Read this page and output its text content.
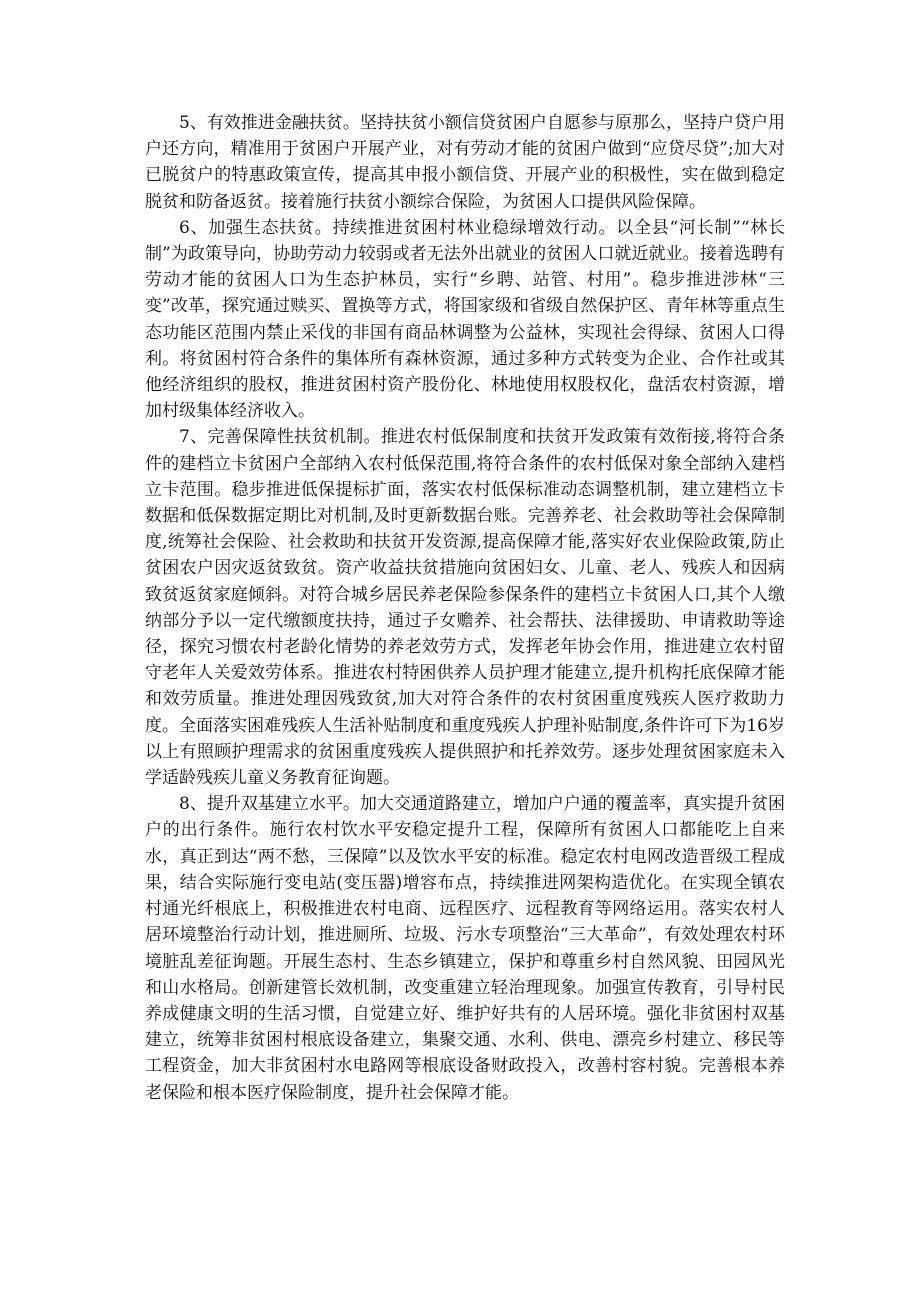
5、有效推进金融扶贫。坚持扶贫小额信贷贫困户自愿参与原那么，坚持户贷户用户还方向，精准用于贫困户开展产业，对有劳动才能的贫困户做到“应贷尽贷”;加大对已脱贫户的特惠政策宣传，提高其申报小额信贷、开展产业的积极性，实在做到稳定脱贫和防备返贫。接着施行扶贫小额综合保险，为贫困人口提供风险保障。

6、加强生态扶贫。持续推进贫困村林业稳绿增效行动。以全县“河长制”“林长制”为政策导向，协助劳动力较弱或者无法外出就业的贫困人口就近就业。接着选聘有劳动才能的贫困人口为生态护林员，实行“乡聘、站管、村用”。稳步推进涉林“三变”改革，探究通过赎买、置换等方式，将国家级和省级自然保护区、青年林等重点生态功能区范围内禁止采伐的非国有商品林调整为公益林，实现社会得绿、贫困人口得利。将贫困村符合条件的集体所有森林资源，通过多种方式转变为企业、合作社或其他经济组织的股权，推进贫困村资产股份化、林地使用权股权化，盘活农村资源，增加村级集体经济收入。

7、完善保障性扶贫机制。推进农村低保制度和扶贫开发政策有效衔接,将符合条件的建档立卡贫困户全部纳入农村低保范围,将符合条件的农村低保对象全部纳入建档立卡范围。稳步推进低保提标扩面，落实农村低保标准动态调整机制，建立建档立卡数据和低保数据定期比对机制,及时更新数据台账。完善养老、社会救助等社会保障制度,统筹社会保险、社会救助和扶贫开发资源,提高保障才能,落实好农业保险政策,防止贫困农户因灾返贫致贫。资产收益扶贫措施向贫困妇女、儿童、老人、残疾人和因病致贫返贫家庭倾斜。对符合城乡居民养老保险参保条件的建档立卡贫困人口,其个人缴纳部分予以一定代缴额度扶持，通过子女赡养、社会帮扶、法律援助、申请救助等途径，探究习惯农村老龄化情势的养老效劳方式，发挥老年协会作用，推进建立农村留守老年人关爱效劳体系。推进农村特困供养人员护理才能建立,提升机构托底保障才能和效劳质量。推进处理因残致贫,加大对符合条件的农村贫困重度残疾人医疗救助力度。全面落实困难残疾人生活补贴制度和重度残疾人护理补贴制度,条件许可下为16岁以上有照顾护理需求的贫困重度残疾人提供照护和托养效劳。逐步处理贫困家庭未入学适龄残疾儿童义务教育征询题。

8、提升双基建立水平。加大交通道路建立，增加户户通的覆盖率，真实提升贫困户的出行条件。施行农村饮水平安稳定提升工程，保障所有贫困人口都能吃上自来水，真正到达“两不愁，三保障”以及饮水平安的标准。稳定农村电网改造晋级工程成果，结合实际施行变电站(变压器)增容布点，持续推进网架构造优化。在实现全镇农村通光纤根底上，积极推进农村电商、远程医疗、远程教育等网络运用。落实农村人居环境整治行动计划，推进厕所、垃圾、污水专项整治“三大革命”，有效处理农村环境脏乱差征询题。开展生态村、生态乡镇建立，保护和尊重乡村自然风貌、田园风光和山水格局。创新建管长效机制，改变重建立轻治理现象。加强宣传教育，引导村民养成健康文明的生活习惯，自觉建立好、维护好共有的人居环境。强化非贫困村双基建立，统筹非贫困村根底设备建立，集聚交通、水利、供电、漂亮乡村建立、移民等工程资金，加大非贫困村水电路网等根底设备财政投入，改善村容村貌。完善根本养老保险和根本医疗保险制度，提升社会保障才能。
